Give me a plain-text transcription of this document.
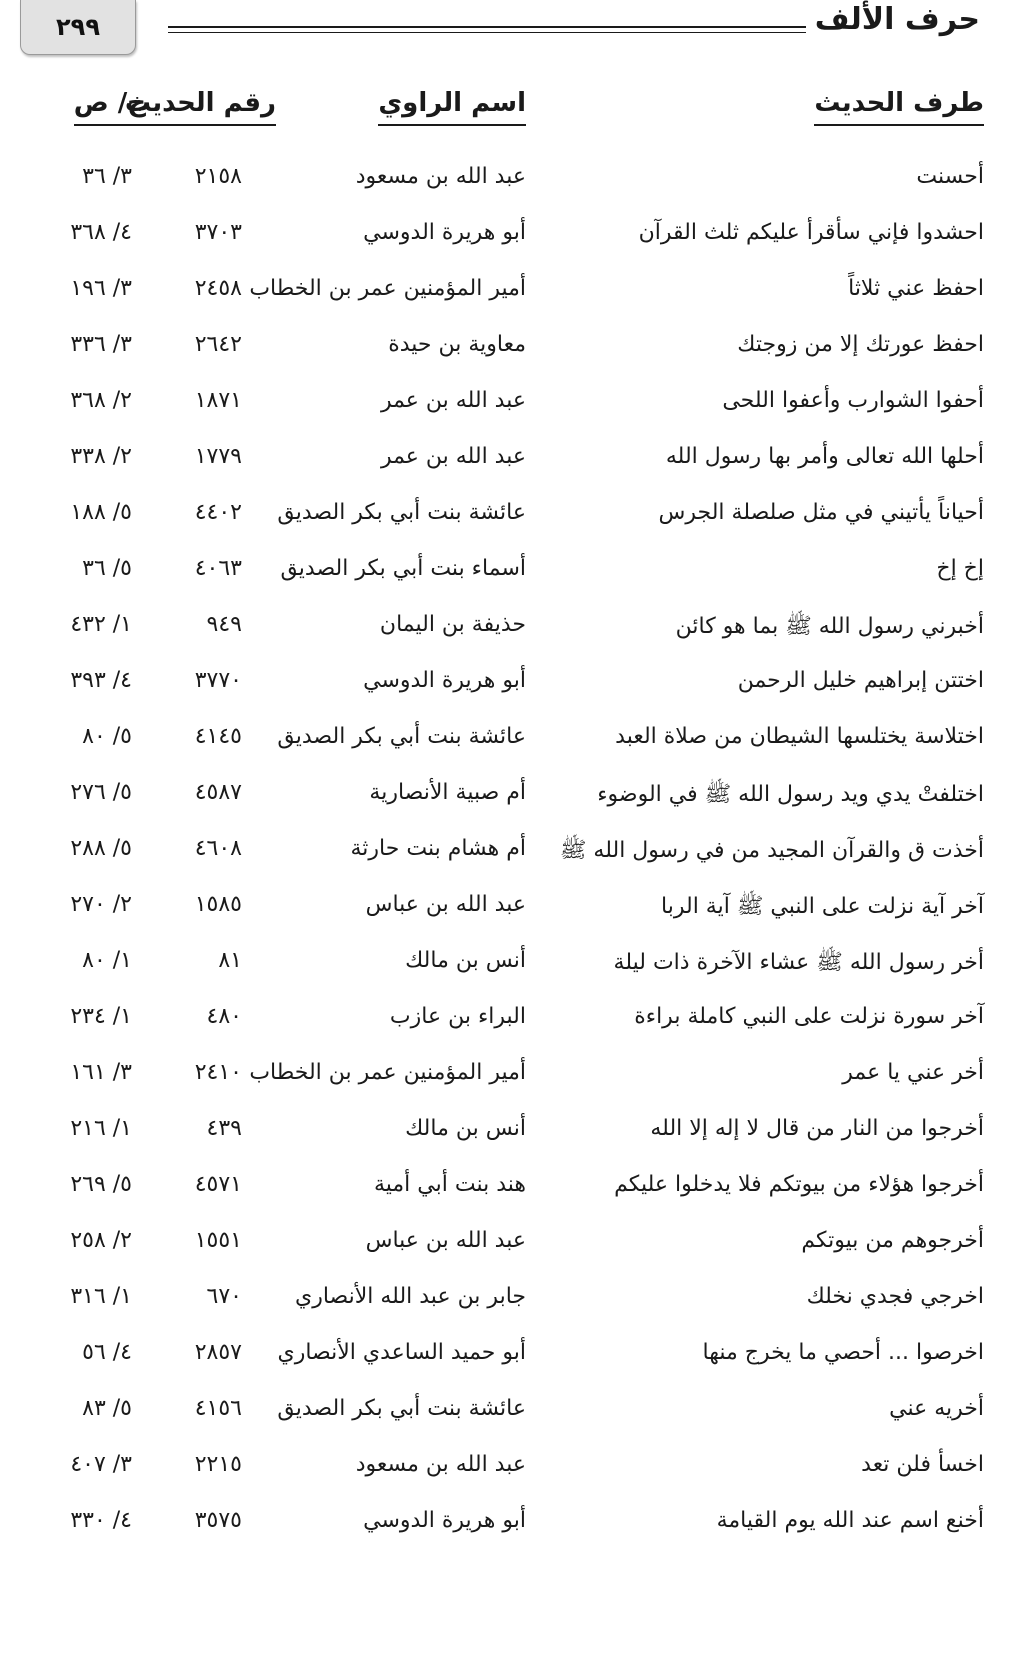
حرف الألف
٢٩٩
طرف الحديث
اسم الراوي
رقم الحديث
ج/ ص
أحسنت
عبد الله بن مسعود
٢١٥٨
٣/ ٣٦
احشدوا فإني سأقرأ عليكم ثلث القرآن
أبو هريرة الدوسي
٣٧٠٣
٤/ ٣٦٨
احفظ عني ثلاثاً
أمير المؤمنين عمر بن الخطاب
٢٤٥٨
٣/ ١٩٦
احفظ عورتك إلا من زوجتك
معاوية بن حيدة
٢٦٤٢
٣/ ٣٣٦
أحفوا الشوارب وأعفوا اللحى
عبد الله بن عمر
١٨٧١
٢/ ٣٦٨
أحلها الله تعالى وأمر بها رسول الله
عبد الله بن عمر
١٧٧٩
٢/ ٣٣٨
أحياناً يأتيني في مثل صلصلة الجرس
عائشة بنت أبي بكر الصديق
٤٤٠٢
٥/ ١٨٨
إخ إخ
أسماء بنت أبي بكر الصديق
٤٠٦٣
٥/ ٣٦
أخبرني رسول الله ﷺ بما هو كائن
حذيفة بن اليمان
٩٤٩
١/ ٤٣٢
اختتن إبراهيم خليل الرحمن
أبو هريرة الدوسي
٣٧٧٠
٤/ ٣٩٣
اختلاسة يختلسها الشيطان من صلاة العبد
عائشة بنت أبي بكر الصديق
٤١٤٥
٥/ ٨٠
اختلفتْ يدي ويد رسول الله ﷺ في الوضوء
أم صبية الأنصارية
٤٥٨٧
٥/ ٢٧٦
أخذت ق والقرآن المجيد من في رسول الله ﷺ
أم هشام بنت حارثة
٤٦٠٨
٥/ ٢٨٨
آخر آية نزلت على النبي ﷺ آية الربا
عبد الله بن عباس
١٥٨٥
٢/ ٢٧٠
أخر رسول الله ﷺ عشاء الآخرة ذات ليلة
أنس بن مالك
٨١
١/ ٨٠
آخر سورة نزلت على النبي كاملة براءة
البراء بن عازب
٤٨٠
١/ ٢٣٤
أخر عني يا عمر
أمير المؤمنين عمر بن الخطاب
٢٤١٠
٣/ ١٦١
أخرجوا من النار من قال لا إله إلا الله
أنس بن مالك
٤٣٩
١/ ٢١٦
أخرجوا هؤلاء من بيوتكم فلا يدخلوا عليكم
هند بنت أبي أمية
٤٥٧١
٥/ ٢٦٩
أخرجوهم من بيوتكم
عبد الله بن عباس
١٥٥١
٢/ ٢٥٨
اخرجي فجدي نخلك
جابر بن عبد الله الأنصاري
٦٧٠
١/ ٣١٦
اخرصوا ... أحصي ما يخرج منها
أبو حميد الساعدي الأنصاري
٢٨٥٧
٤/ ٥٦
أخريه عني
عائشة بنت أبي بكر الصديق
٤١٥٦
٥/ ٨٣
اخسأ فلن تعد
عبد الله بن مسعود
٢٢١٥
٣/ ٤٠٧
أخنع اسم عند الله يوم القيامة
أبو هريرة الدوسي
٣٥٧٥
٤/ ٣٣٠
